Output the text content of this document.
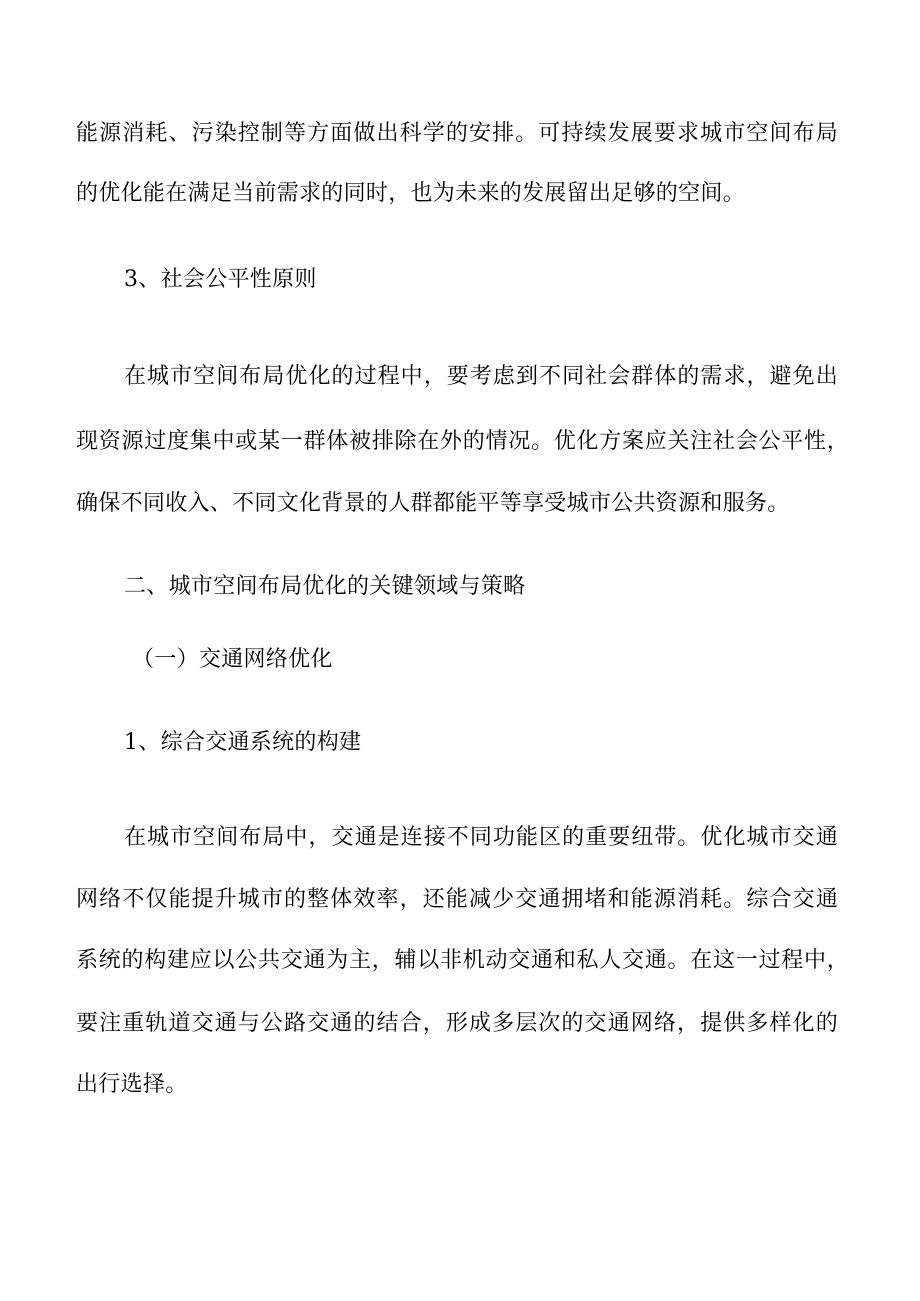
能源消耗、污染控制等方面做出科学的安排。可持续发展要求城市空间布局
的优化能在满足当前需求的同时，也为未来的发展留出足够的空间。
3、社会公平性原则
在城市空间布局优化的过程中，要考虑到不同社会群体的需求，避免出
现资源过度集中或某一群体被排除在外的情况。优化方案应关注社会公平性，
确保不同收入、不同文化背景的人群都能平等享受城市公共资源和服务。
二、城市空间布局优化的关键领域与策略
（一）交通网络优化
1、综合交通系统的构建
在城市空间布局中，交通是连接不同功能区的重要纽带。优化城市交通
网络不仅能提升城市的整体效率，还能减少交通拥堵和能源消耗。综合交通
系统的构建应以公共交通为主，辅以非机动交通和私人交通。在这一过程中，
要注重轨道交通与公路交通的结合，形成多层次的交通网络，提供多样化的
出行选择。
